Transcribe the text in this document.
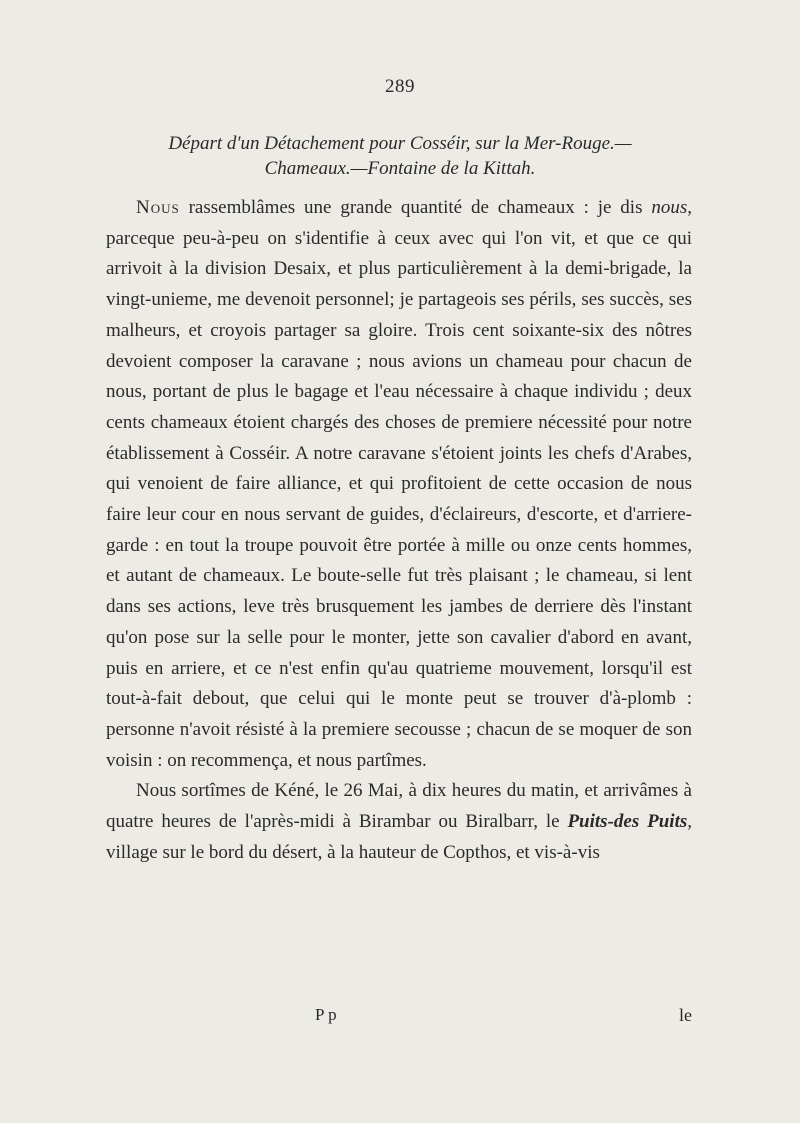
289
Départ d'un Détachement pour Cosséir, sur la Mer-Rouge.—
Chameaux.—Fontaine de la Kittah.

Nous rassemblâmes une grande quantité de chameaux : je dis nous, parceque peu-à-peu on s'identifie à ceux avec qui l'on vit, et que ce qui arrivoit à la division Desaix, et plus particulièrement à la demi-brigade, la vingt-unieme, me devenoit personnel; je partageois ses périls, ses succès, ses malheurs, et croyois partager sa gloire. Trois cent soixante-six des nôtres devoient composer la caravane ; nous avions un chameau pour chacun de nous, portant de plus le bagage et l'eau nécessaire à chaque individu ; deux cents chameaux étoient chargés des choses de premiere nécessité pour notre établissement à Cosséir. A notre caravane s'étoient joints les chefs d'Arabes, qui venoient de faire alliance, et qui profitoient de cette occasion de nous faire leur cour en nous servant de guides, d'éclaireurs, d'escorte, et d'arriere-garde : en tout la troupe pouvoit être portée à mille ou onze cents hommes, et autant de chameaux. Le boute-selle fut très plaisant ; le chameau, si lent dans ses actions, leve très brusquement les jambes de derriere dès l'instant qu'on pose sur la selle pour le monter, jette son cavalier d'abord en avant, puis en arriere, et ce n'est enfin qu'au quatrieme mouvement, lorsqu'il est tout-à-fait debout, que celui qui le monte peut se trouver d'à-plomb : personne n'avoit résisté à la premiere secousse ; chacun de se moquer de son voisin : on recommença, et nous partîmes.

Nous sortîmes de Kéné, le 26 Mai, à dix heures du matin, et arrivâmes à quatre heures de l'après-midi à Birambar ou Biralbarr, le Puits-des Puits, village sur le bord du désert, à la hauteur de Copthos, et vis-à-vis

P p	le
